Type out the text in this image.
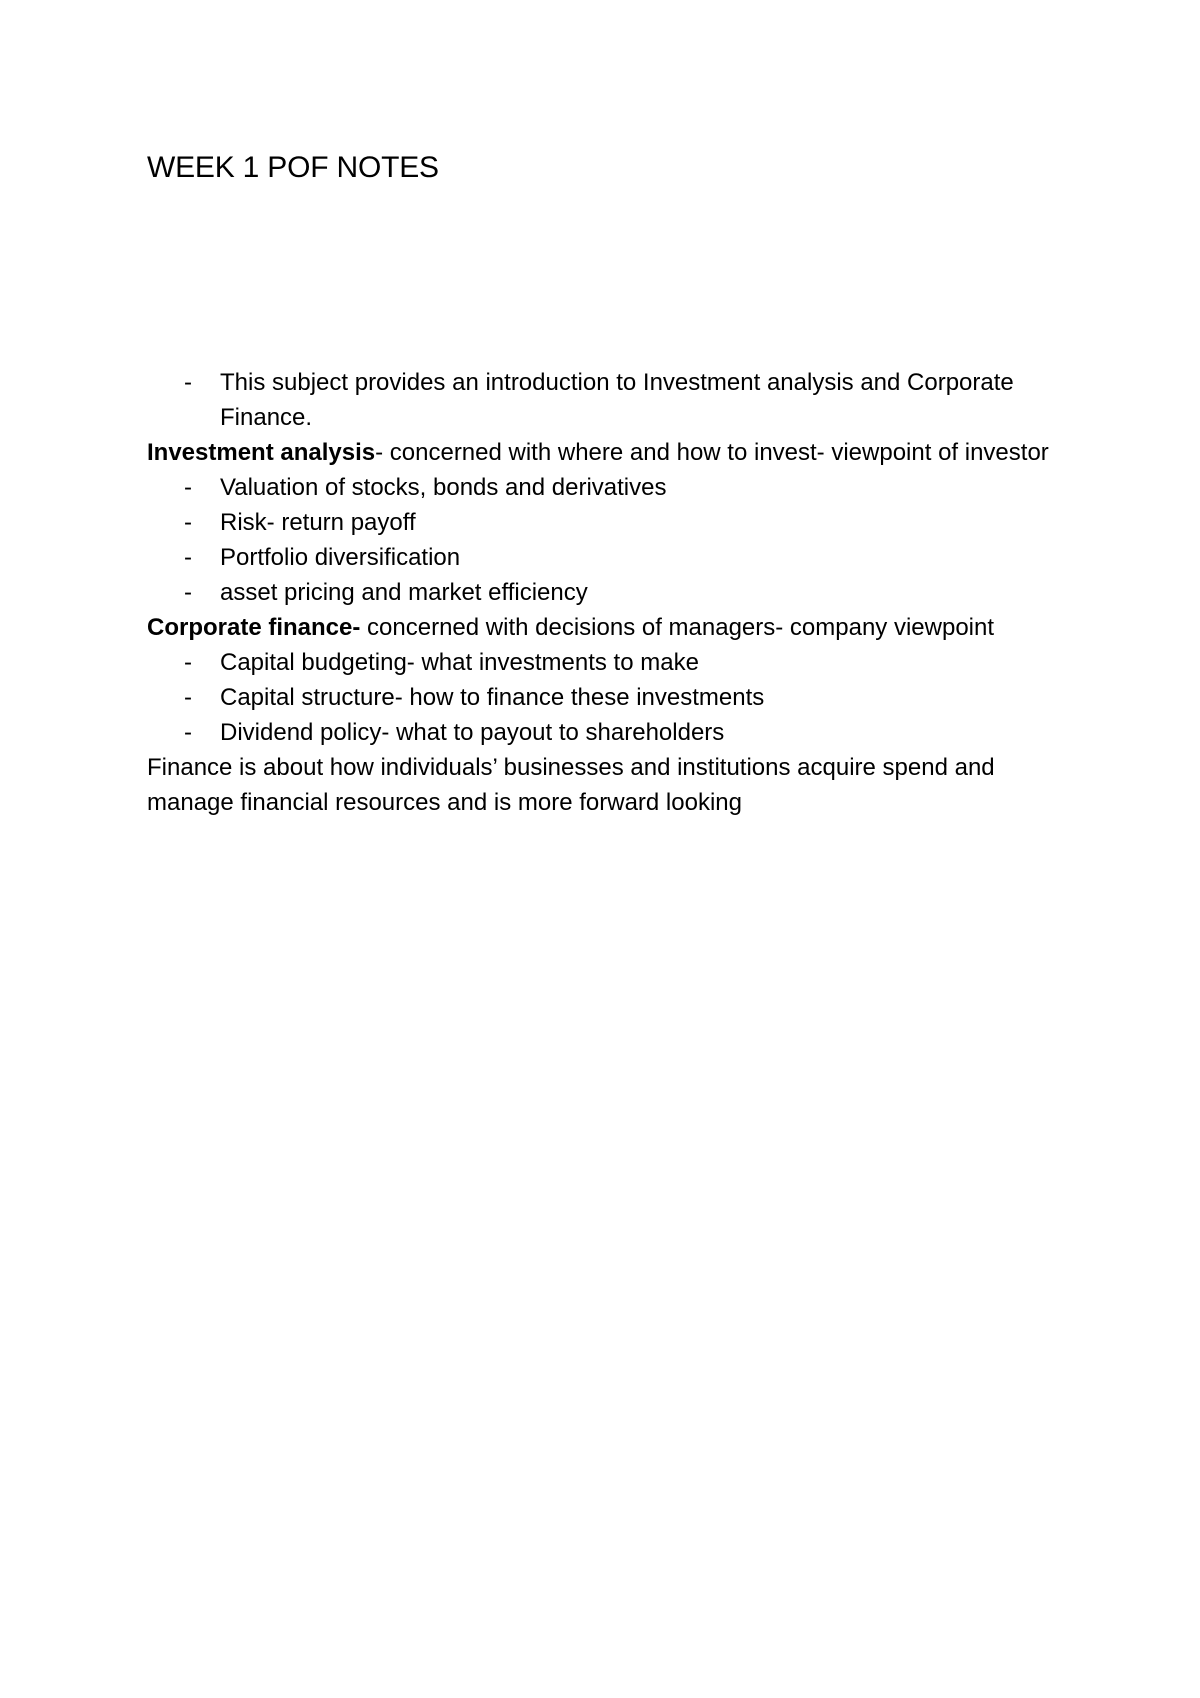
WEEK 1 POF NOTES
- This subject provides an introduction to Investment analysis and Corporate Finance.

Investment analysis- concerned with where and how to invest- viewpoint of investor

- Valuation of stocks, bonds and derivatives
- Risk- return payoff
- Portfolio diversification
- asset pricing and market efficiency

Corporate finance- concerned with decisions of managers- company viewpoint

- Capital budgeting- what investments to make
- Capital structure- how to finance these investments
- Dividend policy- what to payout to shareholders

Finance is about how individuals’ businesses and institutions acquire spend and manage financial resources and is more forward looking
